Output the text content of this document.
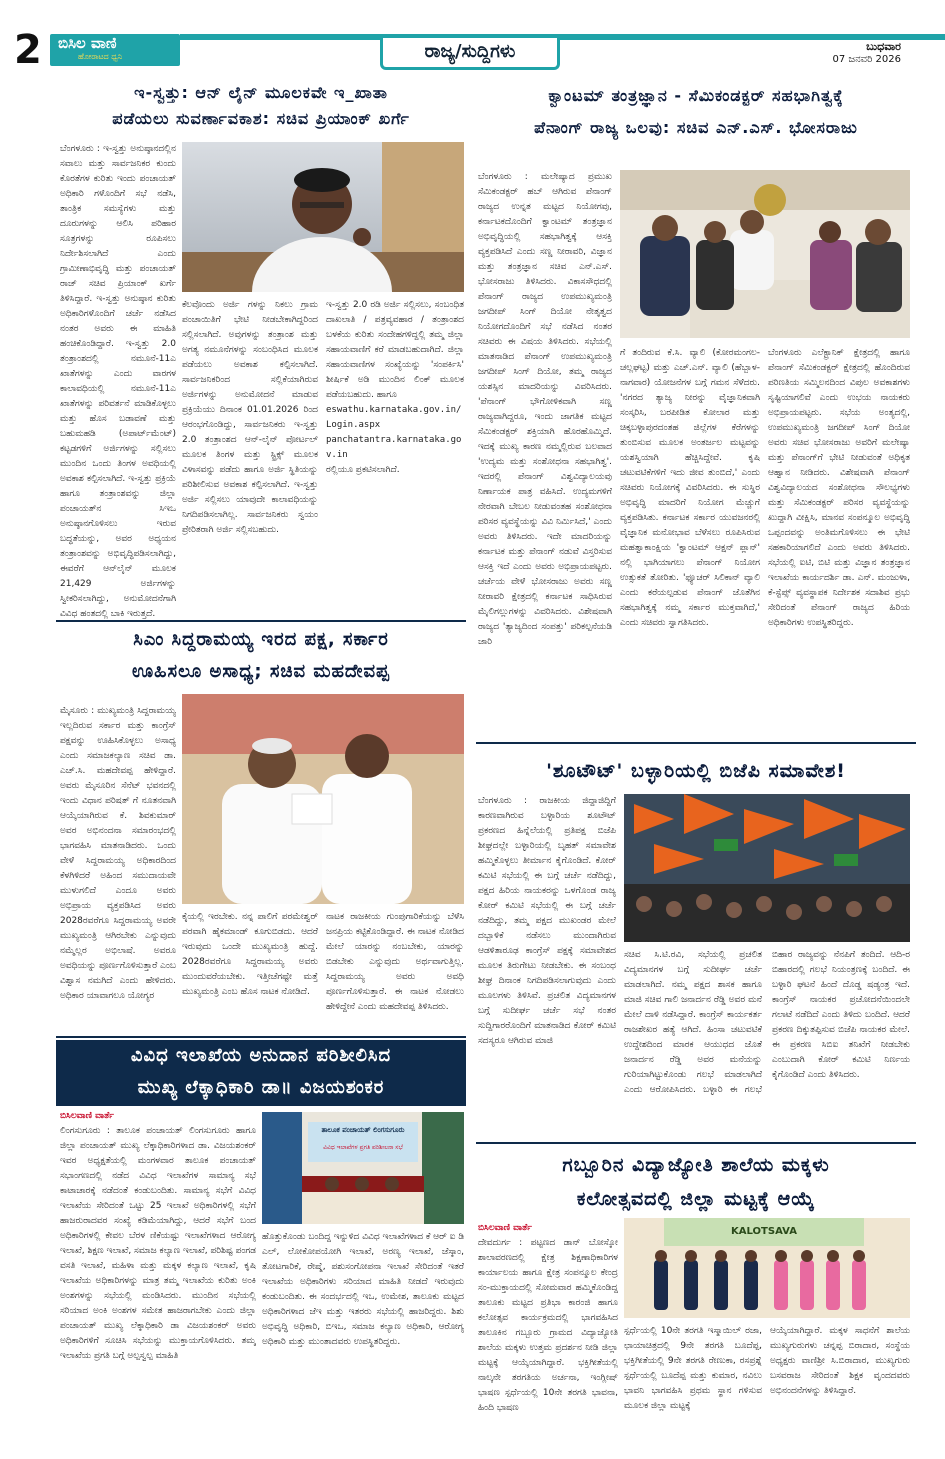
2	ಬಿಸಿಲ ವಾಣಿ
ಹೋರಾಟದ ಧ್ವನಿ	ರಾಜ್ಯ/ಸುದ್ದಿಗಳು	ಬುಧವಾರ
07 ಜನವರಿ 2026
ಇ-ಸ್ವತ್ತು: ಆನ್ ಲೈನ್ ಮೂಲಕವೇ ಇ_ಖಾತಾ
ಪಡೆಯಲು ಸುವರ್ಣಾವಕಾಶ: ಸಚಿವ ಪ್ರಿಯಾಂಕ್ ಖರ್ಗೆ
ಬೆಂಗಳೂರು : ಇ-ಸ್ವತ್ತು ಅನುಷ್ಠಾನದಲ್ಲಿನ ಸವಾಲು ಮತ್ತು ಸಾರ್ವಜನಿಕರ ಕುಂದು ಕೊರತೆಗಳ ಕುರಿತು ಇಂದು ಪಂಚಾಯತ್ ಅಧಿಕಾರಿ ಗಳೊಂದಿಗೆ ಸಭೆ ನಡೆಸಿ, ತಾಂತ್ರಿಕ ಸಮಸ್ಯೆಗಳು ಮತ್ತು ದೂರುಗಳನ್ನು ಆಲಿಸಿ ಪರಿಹಾರ ಸೂತ್ರಗಳನ್ನು ರೂಪಿಸಲು ನಿರ್ದೇಶಿಸಲಾಗಿದೆ ಎಂದು ಗ್ರಾಮೀಣಾಭಿವೃದ್ಧಿ ಮತ್ತು ಪಂಚಾಯತ್ ರಾಜ್ ಸಚಿವ ಪ್ರಿಯಾಂಕ್ ಖರ್ಗೆ ತಿಳಿಸಿದ್ದಾರೆ. ಇ-ಸ್ವತ್ತು ಅನುಷ್ಠಾನ ಕುರಿತು ಅಧಿಕಾರಿಗಳೊಂದಿಗೆ ಚರ್ಚೆ ನಡೆಸಿದ ನಂತರ ಅವರು ಈ ಮಾಹಿತಿ ಹಂಚಿಕೊಂಡಿದ್ದಾರೆ. ಇ-ಸ್ವತ್ತು 2.0 ತಂತ್ರಾಂಶದಲ್ಲಿ ನಮೂನೆ-11ಎ ಖಾತೆಗಳನ್ನು ಎಂದು ವಾರಗಳ ಕಾಲಾವಧಿಯಲ್ಲಿ ನಮೂನೆ-11ಎ ಖಾತೆಗಳನ್ನು ಪರಿವರ್ತನೆ ಮಾಡಿಕೊಳ್ಳಲು ಮತ್ತು ಹೊಸ ಬಡಾವಣೆ ಮತ್ತು ಬಹುಮಹಡಿ (ಅಪಾರ್ಟ್‌ಮೆಂಟ್) ಕಟ್ಟಡಗಳಿಗೆ ಅರ್ಜಿಗಳನ್ನು ಸಲ್ಲಿಸಲು ಮುಂದಿನ ಒಂದು ತಿಂಗಳ ಅವಧಿಯಲ್ಲಿ ಅವಕಾಶ ಕಲ್ಪಿಸಲಾಗಿದೆ. ಇ-ಸ್ವತ್ತು ಪ್ರಕ್ರಿಯೆ ಹಾಗೂ ತಂತ್ರಾಂಶವನ್ನು ಜಿಲ್ಲಾ ಪಂಚಾಯತ್‌ನ ಸಿಇಒ ಅನುಷ್ಠಾನಗೊಳಿಸಲು ಇರುವ ಬದ್ಧತೆಯನ್ನು, ಅವರ ಅಧ್ಯಯನ ತಂತ್ರಾಂಶವನ್ನು ಅಭಿವೃದ್ಧಿಪಡಿಸಲಾಗಿದ್ದು, ಈವರೆಗೆ ಆನ್‌ಲೈನ್ ಮೂಲಕ 21,429 ಅರ್ಜಿಗಳನ್ನು ಸ್ವೀಕರಿಸಲಾಗಿದ್ದು, ಅನುಮೋದನೆಗಾಗಿ ವಿವಿಧ ಹಂತದಲ್ಲಿ ಬಾಕಿ ಇರುತ್ತದೆ.
ಕೆಲವೊಂದು ಅರ್ಜಿ ಗಳನ್ನು ನಿಕಲು ಗ್ರಾಮ ಪಂಚಾಯಿತಿಗೆ ಭೇಟಿ ನೀಡಬೇಕಾಗಿದ್ದರಿಂದ ಸಲ್ಲಿಸಲಾಗಿದೆ. ಅವುಗಳನ್ನು ತಂತ್ರಾಂಶ ಮತ್ತು ಅಗತ್ಯ ನಮೂನೆಗಳನ್ನು ಸಂಬಂಧಿಸಿದ ಮೂಲಕ ಪಡೆಯಲು ಅವಕಾಶ ಕಲ್ಪಿಸಲಾಗಿದೆ. ಸಾರ್ವಜನಿಕರಿಂದ ಸಲ್ಲಿಕೆಯಾಗಿರುವ ಅರ್ಜಿಗಳನ್ನು ಅನುಮೋದನೆ ಮಾಡುವ ಪ್ರಕ್ರಿಯೆಯು ದಿನಾಂಕ 01.01.2026 ರಿಂದ ಆರಂಭಗೊಂಡಿದ್ದು, ಸಾರ್ವಜನಿಕರು ಇ-ಸ್ವತ್ತು 2.0 ತಂತ್ರಾಂಶದ ಆನ್-ಲೈನ್ ಪೋರ್ಟಲ್ ಮೂಲಕ ತಿಂಗಳ ಮತ್ತು ಸ್ಟ್ರಿಕ್ಸ್ ಮೂಲಕ ವಿಳಾಸವನ್ನು ಪಡೆದು ಹಾಗೂ ಅರ್ಜಿ ಸ್ಥಿತಿಯನ್ನು ಪರಿಶೀಲಿಸುವ ಅವಕಾಶ ಕಲ್ಪಿಸಲಾಗಿದೆ. ಇ-ಸ್ವತ್ತು ಅರ್ಜಿ ಸಲ್ಲಿಸಲು ಯಾವುದೇ ಕಾಲಾವಧಿಯನ್ನು ನಿಗದಿಪಡಿಸಲಾಗಿಲ್ಲ. ಸಾರ್ವಜನಿಕರು ಸ್ವಯಂ ಪ್ರೇರಿತರಾಗಿ ಅರ್ಜಿ ಸಲ್ಲಿಸಬಹುದು.
ಇ-ಸ್ವತ್ತು 2.0 ರಡಿ ಅರ್ಜಿ ಸಲ್ಲಿಸಲು, ಸಂಬಂಧಿತ ದಾಖಲಾತಿ / ಪತ್ರವ್ಯವಹಾರ / ತಂತ್ರಾಂಶದ ಬಳಕೆಯ ಕುರಿತು ಸಂದೇಹಗಳಿದ್ದಲ್ಲಿ ತಮ್ಮ ಜಿಲ್ಲಾ ಸಹಾಯವಾಣಿಗೆ ಕರೆ ಮಾಡಬಹುದಾಗಿದೆ. ಜಿಲ್ಲಾ ಸಹಾಯವಾಣಿಗಳ ಸಂಖ್ಯೆಯನ್ನು 'ಸಂಪರ್ಕಿಸಿ' ಶೀರ್ಷಿಕೆ ಅಡಿ ಮುಂದಿನ ಲಿಂಕ್ ಮೂಲಕ ಪಡೆಯಬಹುದು. ಹಾಗೂ
eswathu.karnataka.gov.in/Login.aspx
panchatantra.karnataka.gov.in
ರಲ್ಲಿಯೂ ಪ್ರಕಟಿಸಲಾಗಿದೆ.
ಕ್ವಾಂಟಮ್ ತಂತ್ರಜ್ಞಾನ - ಸೆಮಿಕಂಡಕ್ಟರ್ ಸಹಭಾಗಿತ್ವಕ್ಕೆ
ಪೆನಾಂಗ್ ರಾಜ್ಯ ಒಲವು: ಸಚಿವ ಎನ್.ಎಸ್. ಭೋಸರಾಜು
ಬೆಂಗಳೂರು : ಮಲೇಷ್ಯಾದ ಪ್ರಮುಖ ಸೆಮಿಕಂಡಕ್ಟರ್ ಹಬ್ ಆಗಿರುವ ಪೆನಾಂಗ್ ರಾಜ್ಯದ ಉನ್ನತ ಮಟ್ಟದ ನಿಯೋಗವು, ಕರ್ನಾಟಕದೊಂದಿಗೆ ಕ್ವಾಂಟಮ್ ತಂತ್ರಜ್ಞಾನ ಅಭಿವೃದ್ಧಿಯಲ್ಲಿ ಸಹಭಾಗಿತ್ವಕ್ಕೆ ಆಸಕ್ತಿ ವ್ಯಕ್ತಪಡಿಸಿದೆ ಎಂದು ಸಣ್ಣ ನೀರಾವರಿ, ವಿಜ್ಞಾನ ಮತ್ತು ತಂತ್ರಜ್ಞಾನ ಸಚಿವ ಎನ್.ಎಸ್. ಭೋಸರಾಜು ತಿಳಿಸಿದರು. ವಿಕಾಸಸೌಧದಲ್ಲಿ ಪೆನಾಂಗ್ ರಾಜ್ಯದ ಉಪಮುಖ್ಯಮಂತ್ರಿ ಜಗದೀಪ್ ಸಿಂಗ್ ದಿಯೋ ನೇತೃತ್ವದ ನಿಯೋಗದೊಂದಿಗೆ ಸಭೆ ನಡೆಸಿದ ನಂತರ ಸಚಿವರು ಈ ವಿಷಯ ತಿಳಿಸಿದರು. ಸಭೆಯಲ್ಲಿ ಮಾತನಾಡಿದ ಪೆನಾಂಗ್ ಉಪಮುಖ್ಯಮಂತ್ರಿ ಜಗದೀಪ್ ಸಿಂಗ್ ದಿಯೋ, ತಮ್ಮ ರಾಜ್ಯದ ಯಶಸ್ಸಿನ ಮಾದರಿಯನ್ನು ವಿವರಿಸಿದರು. 'ಪೆನಾಂಗ್ ಭೌಗೋಳಿಕವಾಗಿ ಸಣ್ಣ ರಾಜ್ಯವಾಗಿದ್ದರೂ, ಇಂದು ಜಾಗತಿಕ ಮಟ್ಟದ ಸೆಮಿಕಂಡಕ್ಟರ್ ಶಕ್ತಿಯಾಗಿ ಹೊರಹೊಮ್ಮಿದೆ. ಇದಕ್ಕೆ ಮುಖ್ಯ ಕಾರಣ ನಮ್ಮಲ್ಲಿರುವ ಬಲವಾದ 'ಉದ್ಯಮ ಮತ್ತು ಸಂಶೋಧನಾ ಸಹಭಾಗಿತ್ವ'. ಇದರಲ್ಲಿ ಪೆನಾಂಗ್ ವಿಶ್ವವಿದ್ಯಾಲಯವು ನಿರ್ಣಾಯಕ ಪಾತ್ರ ವಹಿಸಿದೆ. ಉದ್ಯಮಗಳಿಗೆ ನೇರವಾಗಿ ಬೇಬಲ ನೀಡುವಂತಹ ಸಂಶೋಧನಾ ಪರಿಸರ ವ್ಯವಸ್ಥೆಯನ್ನು ವಿವಿ ನಿರ್ಮಿಸಿದೆ,' ಎಂದು ಅವರು ತಿಳಿಸಿದರು. ಇದೇ ಮಾದರಿಯನ್ನು ಕರ್ನಾಟಕ ಮತ್ತು ಪೆನಾಂಗ್ ನಡುವೆ ವಿಸ್ತರಿಸುವ ಆಸಕ್ತಿ ಇದೆ ಎಂದು ಅವರು ಅಭಿಪ್ರಾಯಪಟ್ಟರು. ಚರ್ಚೆಯ ವೇಳೆ ಭೋಸರಾಜು ಅವರು ಸಣ್ಣ ನೀರಾವರಿ ಕ್ಷೇತ್ರದಲ್ಲಿ ಕರ್ನಾಟಕ ಸಾಧಿಸಿರುವ ಮೈಲಿಗಲ್ಲುಗಳನ್ನು ವಿವರಿಸಿದರು. ವಿಶೇಷವಾಗಿ ರಾಜ್ಯದ 'ತ್ಯಾಜ್ಯದಿಂದ ಸಂಪತ್ತು' ಪರಿಕಲ್ಪನೆಯಡಿ ಜಾರಿ
ಗೆ ತಂದಿರುವ ಕೆ.ಸಿ. ವ್ಯಾಲಿ (ಕೋರಮಂಗಲ-ಚಲ್ಲಘಟ್ಟ) ಮತ್ತು ಎಚ್.ಎನ್. ವ್ಯಾಲಿ (ಹೆಬ್ಬಾಳ-ನಾಗವಾರ) ಯೋಜನೆಗಳ ಬಗ್ಗೆ ಗಮನ ಸೆಳೆದರು. 'ನಗರದ ತ್ಯಾಜ್ಯ ನೀರನ್ನು ವೈಜ್ಞಾನಿಕವಾಗಿ ಸಂಸ್ಕರಿಸಿ, ಬರಪೀಡಿತ ಕೋಲಾರ ಮತ್ತು ಚಿಕ್ಕಬಳ್ಳಾಪುರದಂತಹ ಜಿಲ್ಲೆಗಳ ಕೆರೆಗಳನ್ನು ತುಂಬಿಸುವ ಮೂಲಕ ಅಂತರ್ಜಲ ಮಟ್ಟವನ್ನು ಯಶಸ್ವಿಯಾಗಿ ಹೆಚ್ಚಿಸಿದ್ದೇವೆ. ಕೃಷಿ ಚಟುವಟಿಕೆಗಳಿಗೆ ಇದು ಜೀವ ತುಂಬಿದೆ,' ಎಂದು ಸಚಿವರು ನಿಯೋಗಕ್ಕೆ ವಿವರಿಸಿದರು. ಈ ಸುಸ್ಥಿರ ಅಭಿವೃದ್ಧಿ ಮಾದರಿಗೆ ನಿಯೋಗ ಮೆಚ್ಚುಗೆ ವ್ಯಕ್ತಪಡಿಸಿತು. ಕರ್ನಾಟಕ ಸರ್ಕಾರ ಯುವಜನರಲ್ಲಿ ವೈಜ್ಞಾನಿಕ ಮನೋಭಾವ ಬೆಳೆಸಲು ರೂಪಿಸಿರುವ ಮಹತ್ವಾಕಾಂಕ್ಷಿಯ 'ಕ್ವಾಂಟಮ್ ಆಕ್ಷನ್ ಪ್ಲಾನ್' ನಲ್ಲಿ ಭಾಗಿಯಾಗಲು ಪೆನಾಂಗ್ ನಿಯೋಗ ಉತ್ಸುಕತೆ ತೋರಿತು. 'ಫ್ಯೂಚರ್ ಸಿಲಿಕಾನ್ ವ್ಯಾಲಿ ಎಂದು ಕರೆಯಲ್ಪಡುವ ಪೆನಾಂಗ್ ಜೊತೆಗಿನ ಸಹಭಾಗಿತ್ವಕ್ಕೆ ನಮ್ಮ ಸರ್ಕಾರ ಮುಕ್ತವಾಗಿದೆ,' ಎಂದು ಸಚಿವರು ಸ್ವಾಗತಿಸಿದರು.
ಬೆಂಗಳೂರು ಎಲೆಕ್ಟ್ರಾನಿಕ್ ಕ್ಷೇತ್ರದಲ್ಲಿ ಹಾಗೂ ಪೆನಾಂಗ್ ಸೆಮಿಕಂಡಕ್ಟರ್ ಕ್ಷೇತ್ರದಲ್ಲಿ ಹೊಂದಿರುವ ಪರಿಣತಿಯ ಸಮ್ಮಿಲನದಿಂದ ವಿಪುಲ ಅವಕಾಶಗಳು ಸೃಷ್ಟಿಯಾಗಲಿವೆ ಎಂದು ಉಭಯ ನಾಯಕರು ಅಭಿಪ್ರಾಯಪಟ್ಟರು. ಸಭೆಯ ಅಂತ್ಯದಲ್ಲಿ, ಉಪಮುಖ್ಯಮಂತ್ರಿ ಜಗದೀಪ್ ಸಿಂಗ್ ದಿಯೋ ಅವರು ಸಚಿವ ಭೋಸರಾಜು ಅವರಿಗೆ ಮಲೇಷ್ಯಾ ಮತ್ತು ಪೆನಾಂಗ್‌ಗೆ ಭೇಟಿ ನೀಡುವಂತೆ ಅಧಿಕೃತ ಆಹ್ವಾನ ನೀಡಿದರು. ವಿಶೇಷವಾಗಿ ಪೆನಾಂಗ್ ವಿಶ್ವವಿದ್ಯಾಲಯದ ಸಂಶೋಧನಾ ಸೌಲಭ್ಯಗಳು ಮತ್ತು ಸೆಮಿಕಂಡಕ್ಟರ್ ಪರಿಸರ ವ್ಯವಸ್ಥೆಯನ್ನು ಖುದ್ದಾಗಿ ವೀಕ್ಷಿಸಿ, ಮಾನವ ಸಂಪನ್ಮೂಲ ಅಭಿವೃದ್ಧಿ ಒಪ್ಪಂದವನ್ನು ಅಂತಿಮಗೊಳಿಸಲು ಈ ಭೇಟಿ ಸಹಕಾರಿಯಾಗಲಿದೆ ಎಂದು ಅವರು ತಿಳಿಸಿದರು. ಸಭೆಯಲ್ಲಿ ಐಟಿ, ಬಿಟಿ ಮತ್ತು ವಿಜ್ಞಾನ ತಂತ್ರಜ್ಞಾನ ಇಲಾಖೆಯ ಕಾರ್ಯದರ್ಶಿ ಡಾ. ಎನ್. ಮಂಜುಳಾ, ಕೆ-ಸ್ಟೆಪ್ಸ್ ವ್ಯವಸ್ಥಾಪಕ ನಿರ್ದೇಶಕ ಸದಾಶಿವ ಪ್ರಭು ಸೇರಿದಂತೆ ಪೆನಾಂಗ್ ರಾಜ್ಯದ ಹಿರಿಯ ಅಧಿಕಾರಿಗಳು ಉಪಸ್ಥಿತರಿದ್ದರು.
ಸಿಎಂ ಸಿದ್ದರಾಮಯ್ಯ ಇರದ ಪಕ್ಷ, ಸರ್ಕಾರ
ಊಹಿಸಲೂ ಅಸಾಧ್ಯ; ಸಚಿವ ಮಹದೇವಪ್ಪ
ಮೈಸೂರು : ಮುಖ್ಯಮಂತ್ರಿ ಸಿದ್ದರಾಮಯ್ಯ ಇಲ್ಲದಿರುವ ಸರ್ಕಾರ ಮತ್ತು ಕಾಂಗ್ರೆಸ್ ಪಕ್ಷವನ್ನು ಊಹಿಸಿಕೊಳ್ಳಲು ಅಸಾಧ್ಯ ಎಂದು ಸಮಾಜಕಲ್ಯಾಣ ಸಚಿವ ಡಾ. ಎಚ್.ಸಿ. ಮಹದೇವಪ್ಪ ಹೇಳಿದ್ದಾರೆ. ಅವರು ಮೈಸೂರಿನ ಸೆನೆಟ್ ಭವನದಲ್ಲಿ ಇಂದು ವಿಧಾನ ಪರಿಷತ್ ಗೆ ನೂತನವಾಗಿ ಆಯ್ಕೆಯಾಗಿರುವ ಕೆ. ಶಿವಕುಮಾರ್ ಅವರ ಅಭಿನಂದನಾ ಸಮಾರಂಭದಲ್ಲಿ ಭಾಗವಹಿಸಿ ಮಾತನಾಡಿದರು. ಒಂದು ವೇಳೆ ಸಿದ್ದರಾಮಯ್ಯ ಅಧಿಕಾರದಿಂದ ಕೆಳಗಿಳಿದರೆ ಅಹಿಂದ ಸಮುದಾಯವೇ ಮುಳುಗಲಿದೆ ಎಂದೂ ಅವರು ಅಭಿಪ್ರಾಯ ವ್ಯಕ್ತಪಡಿಸಿದ ಅವರು 2028ರವರೆಗೂ ಸಿದ್ದರಾಮಯ್ಯ ಅವರೇ ಮುಖ್ಯಮಂತ್ರಿ ಆಗಿರಬೇಕು ಎನ್ನುವುದು ನಮ್ಮೆಲ್ಲರ ಅಭಿಲಾಷೆ. ಅವರೂ ಅವಧಿಯನ್ನು ಪೂರ್ಣಗೊಳಿಸುತ್ತಾರೆ ಎಂಬ ವಿಶ್ವಾಸ ನಮಗಿದೆ ಎಂದು ಹೇಳಿದರು. ಅಧಿಕಾರ ಯಾವಾಗಲೂ ಯೋಗ್ಯರ
ಕೈಯಲ್ಲಿ ಇರಬೇಕು. ನನ್ನ ಪಾಲಿಗೆ ಪರಮೇಶ್ವರ್ ಪರವಾಗಿ ಹೈಕಮಾಂಡ್ ಕೂಗುಬಿಡದು. ಆದರೆ ಇರುವುದು ಒಂದೇ ಮುಖ್ಯಮಂತ್ರಿ ಹುದ್ದೆ. 2028ರವರೆಗೂ ಸಿದ್ದರಾಮಯ್ಯ ಅವರು ಮುಂದುವರೆಯಬೇಕು. ಇತ್ತೀಚೆಗಷ್ಟೇ ಮತ್ತೆ ಮುಖ್ಯಮಂತ್ರಿ ಎಂಬ ಹೊಸ ನಾಟಕ ನೋಡಿದೆ.
ನಾಟಕ ರಾಜಕೀಯ ಗುಂಪುಗಾರಿಕೆಯನ್ನು ಬೆಳೆಸಿ ಜನಪ್ರಿಯ ಕಟ್ಟಿಕೊಂಡಿದ್ದಾರೆ. ಈ ನಾಟಕ ನೋಡಿದ ಮೇಲೆ ಯಾರನ್ನು ನಂಬಬೇಕು, ಯಾರನ್ನು ಬಿಡಬೇಕು ಎನ್ನುವುದು ಅರ್ಥವಾಗುತ್ತಿಲ್ಲ. ಸಿದ್ದರಾಮಯ್ಯ ಅವರು ಅವಧಿ ಪೂರ್ಣಗೊಳಿಸುತ್ತಾರೆ. ಈ ನಾಟಕ ನೋಡಲು ಹೇಳಿದ್ದೇನೆ ಎಂದು ಮಹದೇವಪ್ಪ ತಿಳಿಸಿದರು.
'ಶೂಟೌಟ್' ಬಳ್ಳಾರಿಯಲ್ಲಿ ಬಿಜೆಪಿ ಸಮಾವೇಶ!
ಬೆಂಗಳೂರು : ರಾಜಕೀಯ ಜಿದ್ದಾಜಿದ್ದಿಗೆ ಕಾರಣವಾಗಿರುವ ಬಳ್ಳಾರಿಯ ಶೂಟೌಟ್ ಪ್ರಕರಣದ ಹಿನ್ನೆಲೆಯಲ್ಲಿ ಪ್ರತಿಪಕ್ಷ ಬಿಜೆಪಿ ಶೀಘ್ರದಲ್ಲೇ ಬಳ್ಳಾರಿಯಲ್ಲಿ ಬೃಹತ್ ಸಮಾವೇಶ ಹಮ್ಮಿಕೊಳ್ಳಲು ತೀರ್ಮಾನ ಕೈಗೊಂಡಿದೆ. ಕೋರ್ ಕಮಿಟಿ ಸಭೆಯಲ್ಲಿ ಈ ಬಗ್ಗೆ ಚರ್ಚೆ ನಡೆದಿದ್ದು, ಪಕ್ಷದ ಹಿರಿಯ ನಾಯಕರನ್ನು ಒಳಗೊಂಡ ರಾಜ್ಯ ಕೋರ್ ಕಮಿಟಿ ಸಭೆಯಲ್ಲಿ ಈ ಬಗ್ಗೆ ಚರ್ಚೆ ನಡೆದಿದ್ದು, ತಮ್ಮ ಪಕ್ಷದ ಮುಖಂಡರ ಮೇಲೆ ದಬ್ಬಾಳಿಕೆ ನಡೆಸಲು ಮುಂದಾಗಿರುವ ಆಡಳಿತಾರೂಢ ಕಾಂಗ್ರೆಸ್ ಪಕ್ಷಕ್ಕೆ ಸಮಾವೇಶದ ಮೂಲಕ ತಿರುಗೇಟು ನೀಡಬೇಕು. ಈ ಸಂಬಂಧ ಶೀಘ್ರ ದಿನಾಂಕ ನಿಗದಿಪಡಿಸಲಾಗುವುದು ಎಂದು ಮೂಲಗಳು ತಿಳಿಸಿವೆ. ಪ್ರಚಲಿತ ವಿದ್ಯಮಾನಗಳ ಬಗ್ಗೆ ಸುದೀರ್ಘ ಚರ್ಚೆ ಸಭೆ ನಂತರ ಸುದ್ದಿಗಾರರೊಂದಿಗೆ ಮಾತನಾಡಿದ ಕೋರ್ ಕಮಿಟಿ ಸದಸ್ಯರೂ ಆಗಿರುವ ಮಾಜಿ
ಸಚಿವ ಸಿ.ಟಿ.ರವಿ, ಸಭೆಯಲ್ಲಿ ಪ್ರಚಲಿತ ವಿದ್ಯಮಾನಗಳ ಬಗ್ಗೆ ಸುದೀರ್ಘ ಚರ್ಚೆ ಮಾಡಲಾಗಿದೆ. ನಮ್ಮ ಪಕ್ಷದ ಶಾಸಕ ಹಾಗೂ ಮಾಜಿ ಸಚಿವ ಗಾಲಿ ಜನಾರ್ದನ ರೆಡ್ಡಿ ಅವರ ಮನೆ ಮೇಲೆ ದಾಳಿ ನಡೆಸಿದ್ದಾರೆ. ಕಾಂಗ್ರೆಸ್ ಕಾರ್ಯಕರ್ತ ರಾಜಶೇಖರ ಹತ್ಯೆ ಆಗಿದೆ. ಹಿಂಸಾ ಚಟುವಟಿಕೆ ಉದ್ದೇಶದಿಂದ ಮಾರಕ ಆಯುಧದ ಜೊತೆ ಜನಾರ್ದನ ರೆಡ್ಡಿ ಅವರ ಮನೆಯನ್ನು ಗುರಿಯಾಗಿಟ್ಟುಕೊಂಡು ಗಲಭೆ ಮಾಡಲಾಗಿದೆ ಎಂದು ಆರೋಪಿಸಿದರು. ಬಳ್ಳಾರಿ ಈ ಗಲಭೆ ಬಿಹಾರ ರಾಜ್ಯವನ್ನು ನೆನಪಿಗೆ ತಂದಿದೆ. ಆದಿ-ರ ಬಿಹಾರದಲ್ಲಿ ಗಲಭೆ ನಿಯಂತ್ರಣಕ್ಕೆ ಬಂದಿದೆ. ಈ ಬಳ್ಳಾರಿ ಘಟನೆ ಹಿಂದೆ ದೊಡ್ಡ ಷಡ್ಯಂತ್ರ ಇದೆ. ಕಾಂಗ್ರೆಸ್ ನಾಯಕರ ಪ್ರಚೋದನೆಯಿಂದಲೇ ಗಲಾಟೆ ನಡೆದಿದೆ ಎಂದು ತಿಳಿದು ಬಂದಿದೆ. ಆದರೆ ಪ್ರಕರಣ ದಿಕ್ಕುತಪ್ಪಿಸುವ ಬಿಜೆಪಿ ನಾಯಕರ ಮೇಲೆ. ಈ ಪ್ರಕರಣ ಸಿಬಿಐ ತನಿಖೆಗೆ ನೀಡಬೇಕು ಎಂಬುದಾಗಿ ಕೋರ್ ಕಮಿಟಿ ನಿರ್ಣಯ ಕೈಗೊಂಡಿದೆ ಎಂದು ತಿಳಿಸಿದರು.
ವಿವಿಧ ಇಲಾಖೆಯ ಅನುದಾನ ಪರಿಶೀಲಿಸಿದ
ಮುಖ್ಯ ಲೆಕ್ಕಾಧಿಕಾರಿ ಡಾ॥ ವಿಜಯಶಂಕರ
ಬಿಸಿಲವಾಣಿ ವಾರ್ತೆ
ಲಿಂಗಸುಗೂರು : ತಾಲೂಕ ಪಂಚಾಯತ್ ಲಿಂಗಸುಗೂರು ಹಾಗೂ ಜಿಲ್ಲಾ ಪಂಚಾಯತ್ ಮುಖ್ಯ ಲೆಕ್ಕಾಧಿಕಾರಿಗಳಾದ ಡಾ. ವಿಜಯಶಂಕರ್ ಇವರ ಅಧ್ಯಕ್ಷತೆಯಲ್ಲಿ ಮಂಗಳವಾರ ತಾಲೂಕ ಪಂಚಾಯತ್ ಸಭಾಂಗಣದಲ್ಲಿ ನಡೆದ ವಿವಿಧ ಇಲಾಖೆಗಳ ಸಾಮಾನ್ಯ ಸಭೆ ಕಾಟಾಚಾರಕ್ಕೆ ನಡೆದಂತೆ ಕಂಡುಬಂದಿತು. ಸಾಮಾನ್ಯ ಸಭೆಗೆ ವಿವಿಧ ಇಲಾಖೆಯ ಸೇರಿದಂತೆ ಒಟ್ಟು 25 ಇಲಾಖೆ ಅಧಿಕಾರಿಗಳಲ್ಲಿ ಸಭೆಗೆ ಹಾಜರುರಾದವರ ಸಂಖ್ಯೆ ಕಡಿಮೆಯಾಗಿದ್ದು, ಆದರೆ ಸಭೆಗೆ ಬಂದ ಅಧಿಕಾರಿಗಳಲ್ಲಿ ಕೇವಲ ಬೆರಳ ಣಿಕೆಯಷ್ಟು ಇಲಾಖೆಗಳಾದ ಆರೋಗ್ಯ ಇಲಾಖೆ, ಶಿಕ್ಷಣ ಇಲಾಖೆ, ಸಮಾಜ ಕಲ್ಯಾಣ ಇಲಾಖೆ, ಪರಿಶಿಷ್ಟ ಪಂಗಡ ವಸತಿ ಇಲಾಖೆ, ಮಹಿಳಾ ಮತ್ತು ಮಕ್ಕಳ ಕಲ್ಯಾಣ ಇಲಾಖೆ, ಕೃಷಿ ಇಲಾಖೆಯ ಅಧಿಕಾರಿಗಳನ್ನು ಮಾತ್ರ ತಮ್ಮ ಇಲಾಖೆಯ ಕುರಿತು ಅಂಕಿ ಅಂಶಗಳನ್ನು ಸಭೆಯಲ್ಲಿ ಮಂಡಿಸಿದರು. ಮುಂದಿನ ಸಭೆಯಲ್ಲಿ ಸರಿಯಾದ ಅಂಕಿ ಅಂಶಗಳ ಸಮೇತ ಹಾಜರಾಗಬೇಕು ಎಂದು ಜಿಲ್ಲಾ ಪಂಚಾಯತ್ ಮುಖ್ಯ ಲೆಕ್ಕಾಧಿಕಾರಿ ಡಾ ವಿಜಯಶಂಕರ್ ಅವರು ಅಧಿಕಾರಿಗಳಿಗೆ ಸೂಚಿಸಿ ಸಭೆಯನ್ನು ಮುಕ್ತಾಯಗೊಳಿಸಿದರು. ತಮ್ಮ ಇಲಾಖೆಯ ಪ್ರಗತಿ ಬಗ್ಗೆ ಅಲ್ಪಸ್ವಲ್ಪ ಮಾಹಿತಿ
ತಾಲೂಕ ಪಂಚಾಯತ್ ಲಿಂಗಸುಗೂರು
ವಿವಿಧ ಇಲಾಖೆಗಳ ಪ್ರಗತಿ ಪರಿಶೀಲನಾ ಸಭೆ
ಹೊತ್ತುಕೊಂಡು ಬಂದಿದ್ದ ಇನ್ನುಳಿದ ವಿವಿಧ ಇಲಾಖೆಗಳಾದ ಕೆ ಆರ್ ಐ ಡಿ ಎಲ್, ಲೋಕೋಪಯೋಗಿ ಇಲಾಖೆ, ಅರಣ್ಯ ಇಲಾಖೆ, ಜೆಸ್ಕಾಂ, ತೋಟಗಾರಿಕೆ, ರೇಷ್ಮೆ, ಪಶುಸಂಗೋಪನಾ ಇಲಾಖೆ ಸೇರಿದಂತೆ ಇತರೆ ಇಲಾಖೆಯ ಅಧಿಕಾರಿಗಳು ಸರಿಯಾದ ಮಾಹಿತಿ ನೀಡದೆ ಇರುವುದು ಕಂಡುಬಂದಿತು. ಈ ಸಂದರ್ಭದಲ್ಲಿ ಇಒ, ಉಮೇಶ, ತಾಲೂಕು ಮಟ್ಟದ ಅಧಿಕಾರಿಗಳಾದ ಜೆಇ ಮತ್ತು ಇತರರು ಸಭೆಯಲ್ಲಿ ಹಾಜರಿದ್ದರು. ಶಿಶು ಅಭಿವೃದ್ಧಿ ಅಧಿಕಾರಿ, ಬಿಇಒ, ಸಮಾಜ ಕಲ್ಯಾಣ ಅಧಿಕಾರಿ, ಆರೋಗ್ಯ ಅಧಿಕಾರಿ ಮತ್ತು ಮುಂತಾದವರು ಉಪಸ್ಥಿತರಿದ್ದರು.
ಗಬ್ಬೂರಿನ ವಿದ್ಯಾಜ್ಯೋತಿ ಶಾಲೆಯ ಮಕ್ಕಳು
ಕಲೋತ್ಸವದಲ್ಲಿ ಜಿಲ್ಲಾ ಮಟ್ಟಕ್ಕೆ ಆಯ್ಕೆ
ಬಿಸಿಲವಾಣಿ ವಾರ್ತೆ
ದೇವದುರ್ಗ : ಪಟ್ಟಣದ ಡಾನ್ ಬೋಸ್ಕೋ ಶಾಲಾವರಣದಲ್ಲಿ ಕ್ಷೇತ್ರ ಶಿಕ್ಷಣಾಧಿಕಾರಿಗಳ ಕಾರ್ಯಾಲಯ ಹಾಗೂ ಕ್ಷೇತ್ರ ಸಂಪನ್ಮೂಲ ಕೇಂದ್ರ ಸಂ-ಮುಕ್ತಾಯದಲ್ಲಿ ಸೋಮವಾರ ಹಮ್ಮಿಕೊಂಡಿದ್ದ ತಾಲೂಕು ಮಟ್ಟದ ಪ್ರತಿಭಾ ಕಾರಂಜಿ ಹಾಗೂ ಕಲೋತ್ಸವ ಕಾರ್ಯಕ್ರಮದಲ್ಲಿ ಭಾಗವಹಿಸಿದ ತಾಲೂಕಿನ ಗಬ್ಬೂರು ಗ್ರಾಮದ ವಿದ್ಯಾಜ್ಯೋತಿ ಶಾಲೆಯ ಮಕ್ಕಳು ಉತ್ತಮ ಪ್ರದರ್ಶನ ನೀಡಿ ಜಿಲ್ಲಾ ಮಟ್ಟಕ್ಕೆ ಆಯ್ಕೆಯಾಗಿದ್ದಾರೆ. ಭಕ್ತಿಗೀತೆಯಲ್ಲಿ ನಾಲ್ಕನೇ ತರಗತಿಯ ಅರ್ಚನಾ, ಇಂಗ್ಲೀಷ್ ಭಾಷಣ ಸ್ಪರ್ಧೆಯಲ್ಲಿ 10ನೇ ತರಗತಿ ಭಾವನಾ, ಹಿಂದಿ ಭಾಷಣ
KALOTSAVA
ಸ್ಪರ್ಧೆಯಲ್ಲಿ 10ನೇ ತರಗತಿ ಇಸ್ಮಾಯಿಲ್ ರಜಾ, ಛಾಯಾಚಿತ್ರದಲ್ಲಿ 9ನೇ ತರಗತಿ ಬೂದೆಪ್ಪ, ಭಕ್ತಿಗೀತೆಯಲ್ಲಿ 9ನೇ ತರಗತಿ ರೇಣುಕಾ, ರಸಪ್ರಶ್ನೆ ಸ್ಪರ್ಧೆಯಲ್ಲಿ ಬೂದೆಪ್ಪ ಮತ್ತು ಕುಮಾರ, ನವಿಲು ಭಾವನಿ ಭಾಗವಹಿಸಿ ಪ್ರಥಮ ಸ್ಥಾನ ಗಳಿಸುವ ಮೂಲಕ ಜಿಲ್ಲಾ ಮಟ್ಟಕ್ಕೆ
ಆಯ್ಕೆಯಾಗಿದ್ದಾರೆ. ಮಕ್ಕಳ ಸಾಧನೆಗೆ ಶಾಲೆಯ ಮುಖ್ಯಗುರುಗಳು ಚನ್ನಪ್ಪ ಬಿರಾದಾರ, ಸಂಸ್ಥೆಯ ಅಧ್ಯಕ್ಷರು ವಾಣಿಶ್ರೀ ಸಿ.ಬಿರಾದಾರ, ಮುಖ್ಯಗುರು ಬಸವರಾಜ ಸೇರಿದಂತೆ ಶಿಕ್ಷಕ ವೃಂದದವರು ಅಭಿನಂದನೆಗಳನ್ನು ತಿಳಿಸಿದ್ದಾರೆ.
